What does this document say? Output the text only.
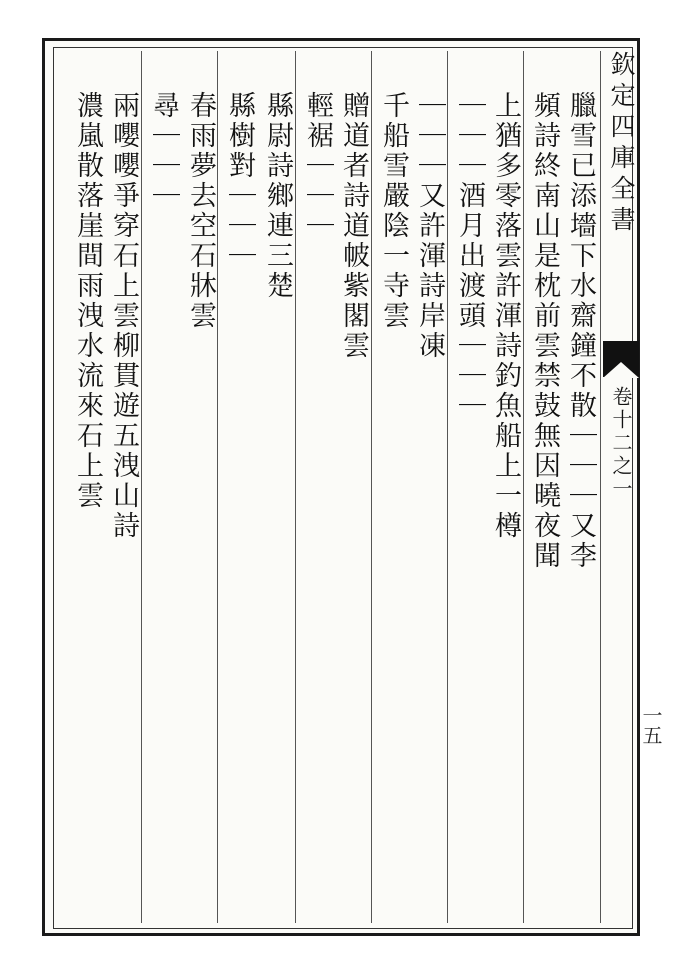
欽定四庫全書
卷十二之一
臘雪已添墻下水齋鐘不散｜｜｜又李
頻詩終南山是枕前雲禁鼓無因曉夜聞
上猶多零落雲許渾詩釣魚船上一樽
｜｜｜酒月出渡頭｜｜｜
｜｜｜又許渾詩岸凍
千船雪嚴陰一寺雲
贈道者詩道帔紫閣雲
輕裾｜｜｜
縣尉詩鄉連三楚
縣樹對｜｜｜
春雨夢去空石牀雲
尋｜｜｜
兩嚶嚶爭穿石上雲柳貫遊五洩山詩
濃嵐散落崖間雨洩水流來石上雲
一五
